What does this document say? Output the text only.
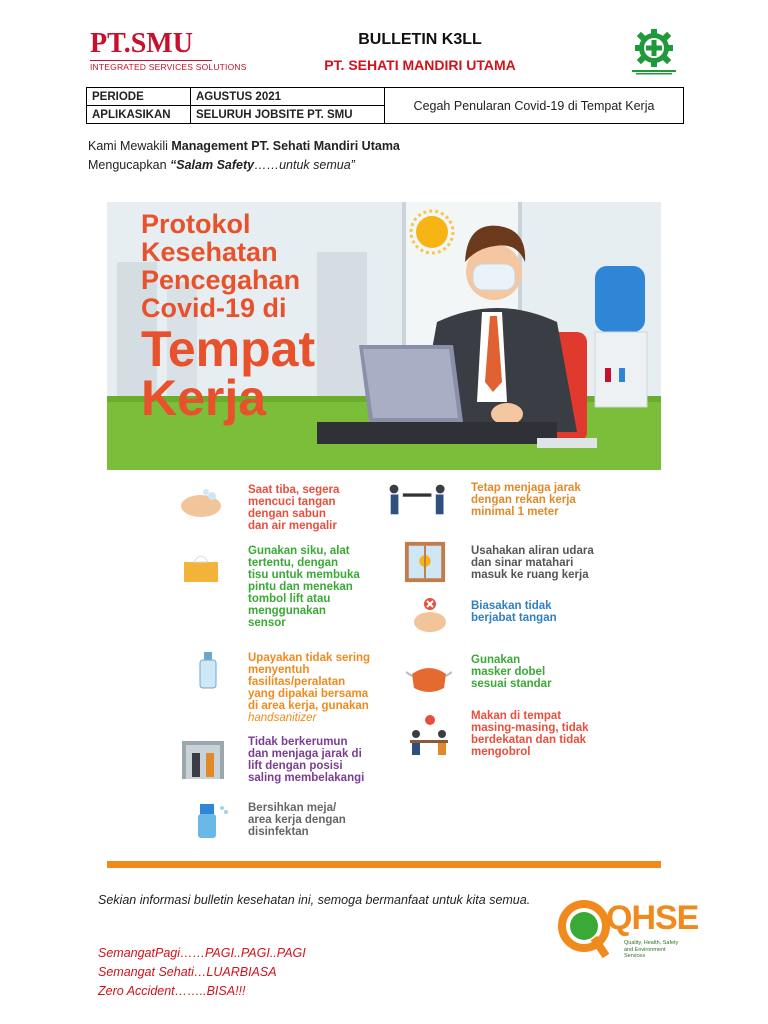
PT.SMU
INTEGRATED SERVICES SOLUTIONS
BULLETIN K3LL
PT. SEHATI MANDIRI UTAMA
PERIODE	AGUSTUS 2021	Cegah Penularan Covid-19 di Tempat Kerja
APLIKASIKAN	SELURUH JOBSITE PT. SMU	
Kami Mewakili Management PT. Sehati Mandiri Utama
Mengucapkan “Salam Safety……untuk semua”
Protokol
Kesehatan
Pencegahan
Covid-19 di
Tempat
Kerja
Saat tiba, segera mencuci tangan dengan sabun dan air mengalir
Gunakan siku, alat tertentu, dengan tisu untuk membuka pintu dan menekan tombol lift atau menggunakan sensor
Upayakan tidak sering menyentuh fasilitas/peralatan yang dipakai bersama di area kerja, gunakan
handsanitizer
Tidak berkerumun dan menjaga jarak di lift dengan posisi saling membelakangi
Bersihkan meja/ area kerja dengan disinfektan
Tetap menjaga jarak dengan rekan kerja minimal 1 meter
Usahakan aliran udara dan sinar matahari masuk ke ruang kerja
Biasakan tidak berjabat tangan
Gunakan masker dobel sesuai standar
Makan di tempat masing-masing, tidak berdekatan dan tidak mengobrol
Sekian informasi bulletin kesehatan ini, semoga bermanfaat untuk kita semua.
SemangatPagi……PAGI..PAGI..PAGI
Semangat Sehati…LUARBIASA
Zero Accident……..BISA!!!
QHSE
Quality, Health, Safety and Environment Services
